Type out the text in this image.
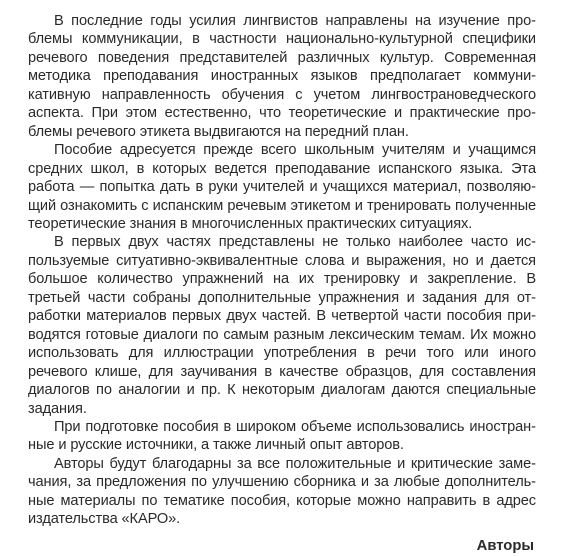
В последние годы усилия лингвистов направлены на изучение проблемы коммуникации, в частности национально-культурной специфики речевого поведения представителей различных культур. Современная методика преподавания иностранных языков предполагает коммуникативную направленность обучения с учетом лингвострановедческого аспекта. При этом естественно, что теоретические и практические проблемы речевого этикета выдвигаются на передний план.

Пособие адресуется прежде всего школьным учителям и учащимся средних школ, в которых ведется преподавание испанского языка. Эта работа — попытка дать в руки учителей и учащихся материал, позволяющий ознакомить с испанским речевым этикетом и тренировать полученные теоретические знания в многочисленных практических ситуациях.

В первых двух частях представлены не только наиболее часто используемые ситуативно-эквивалентные слова и выражения, но и дается большое количество упражнений на их тренировку и закрепление. В третьей части собраны дополнительные упражнения и задания для отработки материалов первых двух частей. В четвертой части пособия приводятся готовые диалоги по самым разным лексическим темам. Их можно использовать для иллюстрации употребления в речи того или иного речевого клише, для заучивания в качестве образцов, для составления диалогов по аналогии и пр. К некоторым диалогам даются специальные задания.

При подготовке пособия в широком объеме использовались иностранные и русские источники, а также личный опыт авторов.

Авторы будут благодарны за все положительные и критические замечания, за предложения по улучшению сборника и за любые дополнительные материалы по тематике пособия, которые можно направить в адрес издательства «КАРО».

Авторы
